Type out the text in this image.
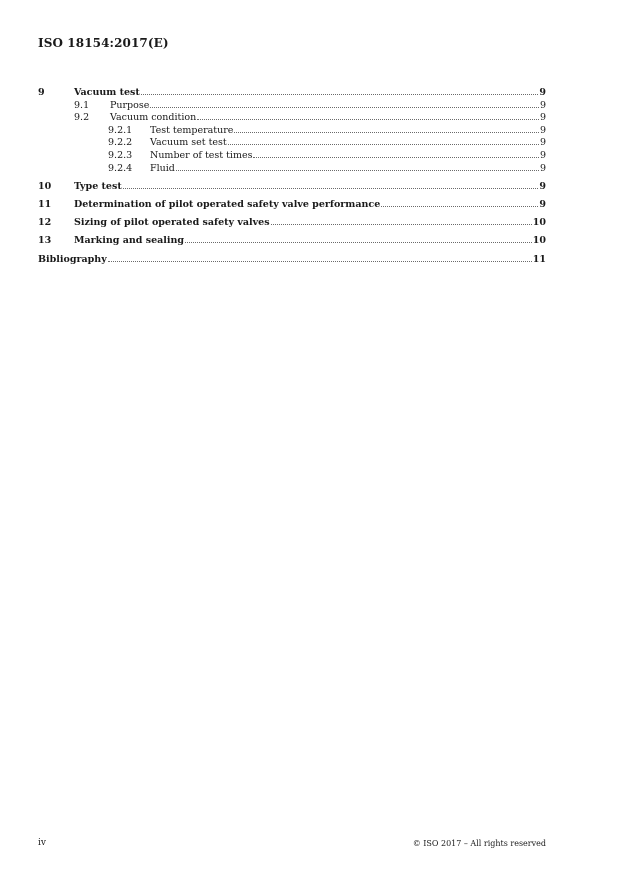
ISO 18154:2017(E)
9	Vacuum test	9
9.1	Purpose	9
9.2	Vacuum condition	9
9.2.1	Test temperature	9
9.2.2	Vacuum set test	9
9.2.3	Number of test times	9
9.2.4	Fluid	9
10	Type test	9
11	Determination of pilot operated safety valve performance	9
12	Sizing of pilot operated safety valves	10
13	Marking and sealing	10
Bibliography	11
iv	© ISO 2017 – All rights reserved
